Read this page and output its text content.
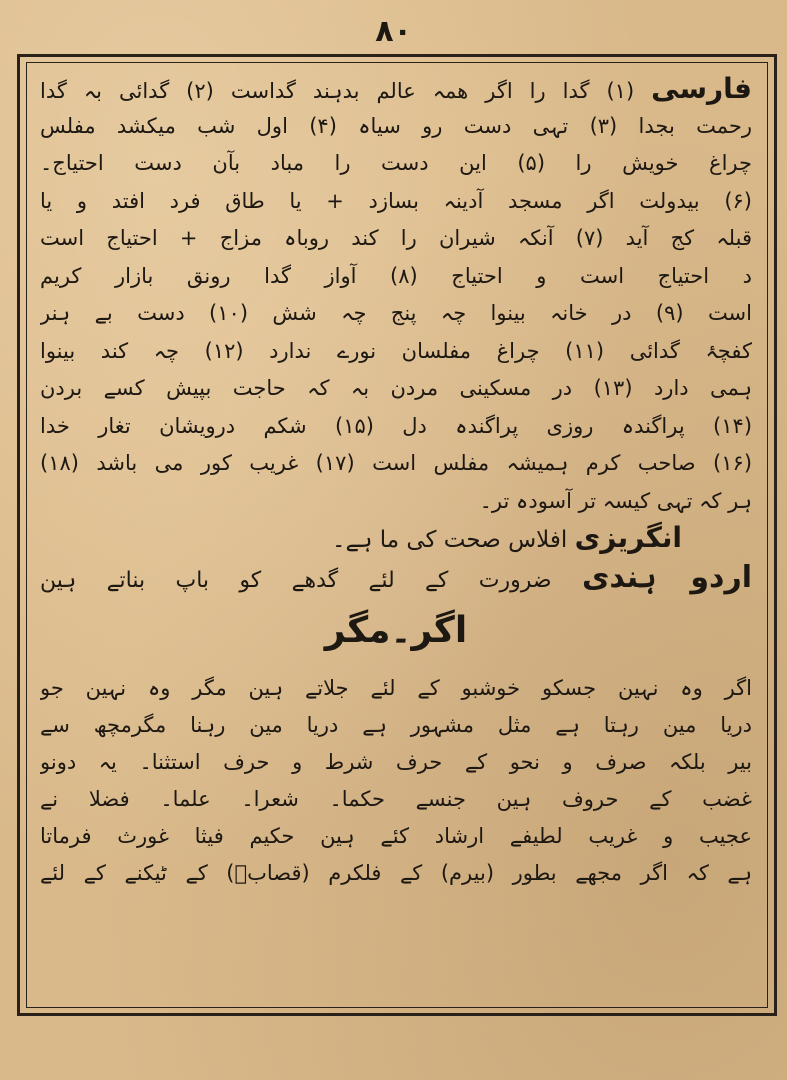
۸۰
فارسی (۱) گدا را اگر همہ عالم بدہند گداست (۲) گدائی بہ گدا
رحمت بجدا (۳) تہی دست رو سیاہ (۴) اول شب میکشد مفلس
چراغ خویش را (۵) این دست را مباد بآن دست احتیاج۔
(۶) بیدولت اگر مسجد آدینہ بسازد + یا طاق فرد افتد و یا
قبلہ کج آید (۷) آنکہ شیران را کند روباہ مزاج + احتیاج است
د احتیاج است و احتیاج (۸) آواز گدا رونق بازار کریم
است (۹) در خانہ بینوا چہ پنج چہ شش (۱۰) دست بے ہنر
کفچۂ گدائی (۱۱) چراغ مفلسان نورے ندارد (۱۲) چہ کند بینوا
ہمی دارد (۱۳) در مسکینی مردن بہ کہ حاجت بپیش کسے بردن
(۱۴) پراگندہ روزی پراگندہ دل (۱۵) شکم درویشان تغار خدا
(۱۶) صاحب کرم ہمیشہ مفلس است (۱۷) غریب کور می باشد (۱۸)
ہر کہ تہی کیسہ تر آسودہ تر۔
انگریزی افلاس صحت کی ما ہے۔
اردو ہندی ضرورت کے لئے گدھے کو باپ بناتے ہین
اگر۔مگر
اگر وہ نہین جسکو خوشبو کے لئے جلاتے ہین مگر وہ نہین جو
دریا مین رہتا ہے مثل مشہور ہے دریا مین رہنا مگرمچھ سے
بیر بلکہ صرف و نحو کے حرف شرط و حرف استثنا۔ یہ دونو
غضب کے حروف ہین جنسے حکما۔ شعرا۔ علما۔ فضلا نے
عجیب و غریب لطیفے ارشاد کئے ہین حکیم فیثا غورث فرماتا
ہے کہ اگر مجھے بطور (بیرم) کے فلکرم (قصابؔ) کے ٹیکنے کے لئے
